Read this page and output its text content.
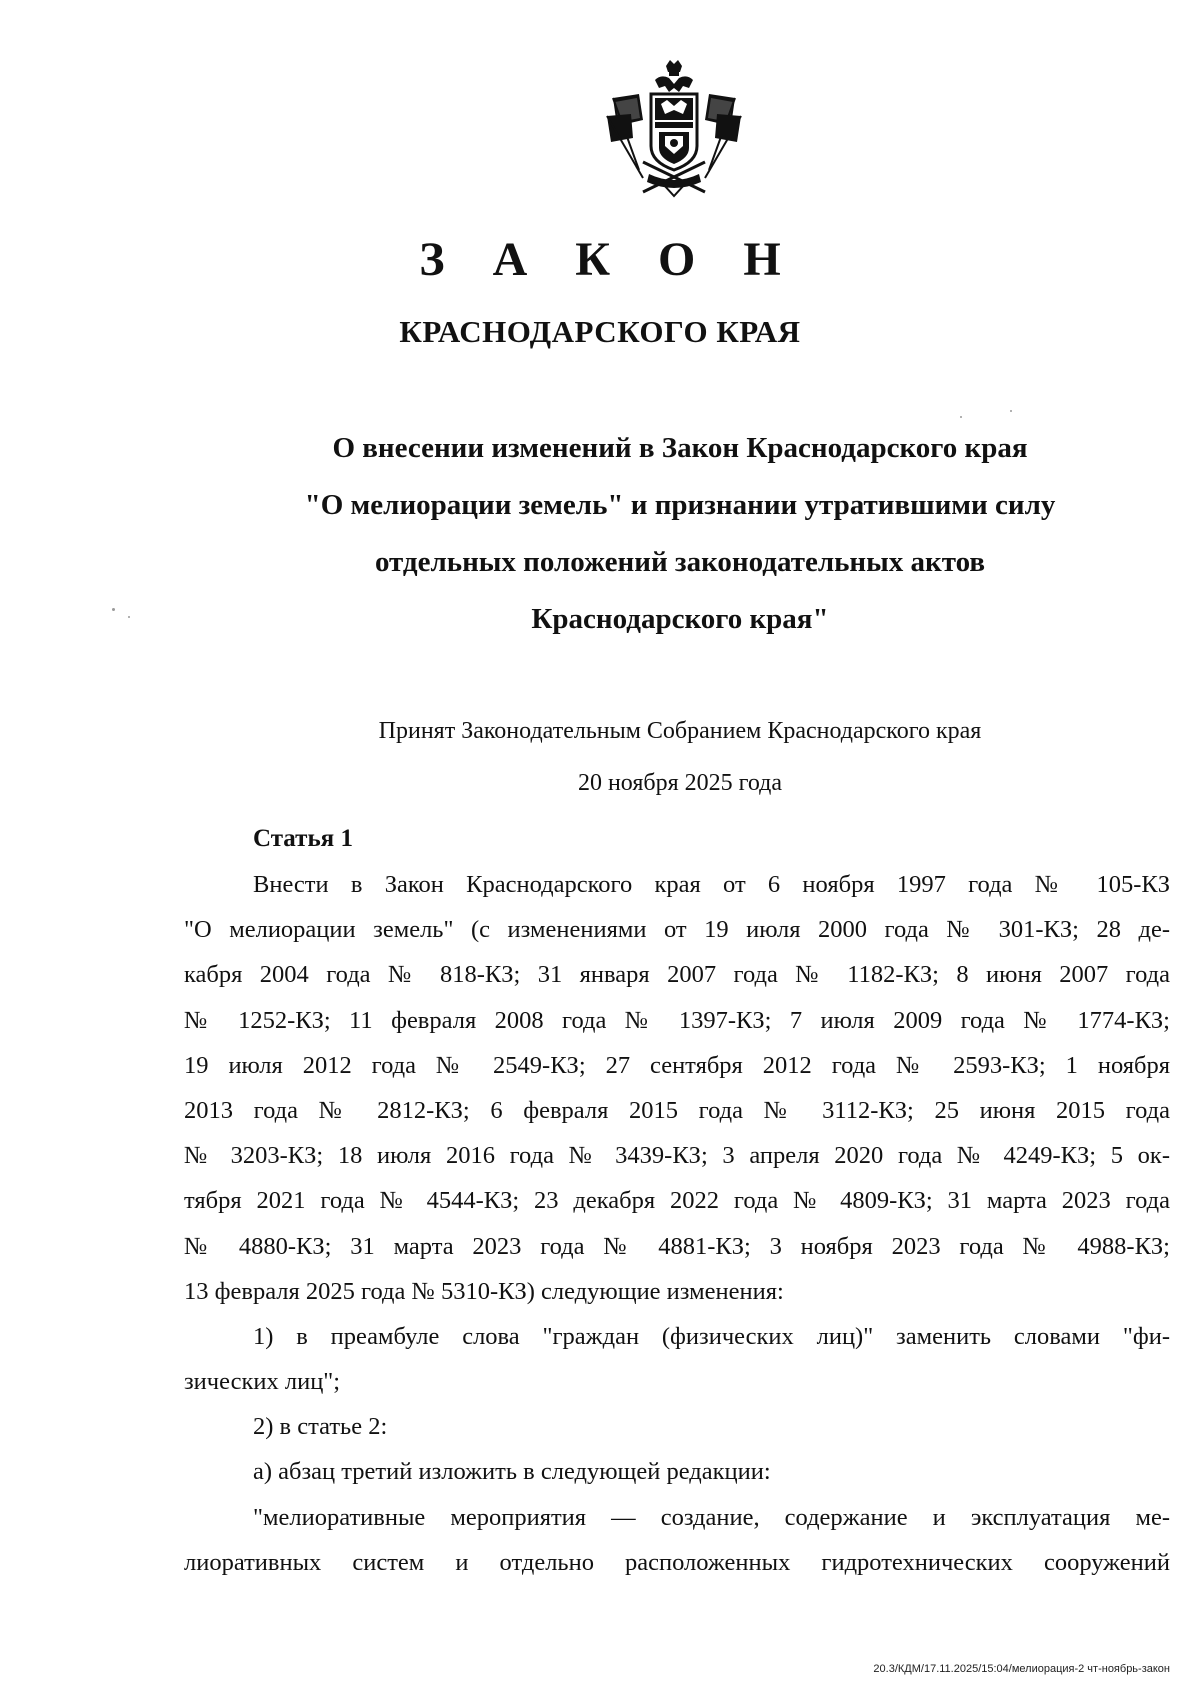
З А К О Н
КРАСНОДАРСКОГО КРАЯ
О внесении изменений в Закон Краснодарского края
"О мелиорации земель" и признании утратившими силу
отдельных положений законодательных актов
Краснодарского края"
Принят Законодательным Собранием Краснодарского края
20 ноября 2025 года
Статья 1
Внести в Закон Краснодарского края от 6 ноября 1997 года № 105-КЗ
"О мелиорации земель" (с изменениями от 19 июля 2000 года № 301-КЗ; 28 де-
кабря 2004 года № 818-КЗ; 31 января 2007 года № 1182-КЗ; 8 июня 2007 года
№ 1252-КЗ; 11 февраля 2008 года № 1397-КЗ; 7 июля 2009 года № 1774-КЗ;
19 июля 2012 года № 2549-КЗ; 27 сентября 2012 года № 2593-КЗ; 1 ноября
2013 года № 2812-КЗ; 6 февраля 2015 года № 3112-КЗ; 25 июня 2015 года
№ 3203-КЗ; 18 июля 2016 года № 3439-КЗ; 3 апреля 2020 года № 4249-КЗ; 5 ок-
тября 2021 года № 4544-КЗ; 23 декабря 2022 года № 4809-КЗ; 31 марта 2023 года
№ 4880-КЗ; 31 марта 2023 года № 4881-КЗ; 3 ноября 2023 года № 4988-КЗ;
13 февраля 2025 года № 5310-КЗ) следующие изменения:
1) в преамбуле слова "граждан (физических лиц)" заменить словами "фи-
зических лиц";
2) в статье 2:
а) абзац третий изложить в следующей редакции:
"мелиоративные мероприятия — создание, содержание и эксплуатация ме-
лиоративных систем и отдельно расположенных гидротехнических сооружений
20.3/КДМ/17.11.2025/15:04/мелиорация-2 чт-ноябрь-закон
